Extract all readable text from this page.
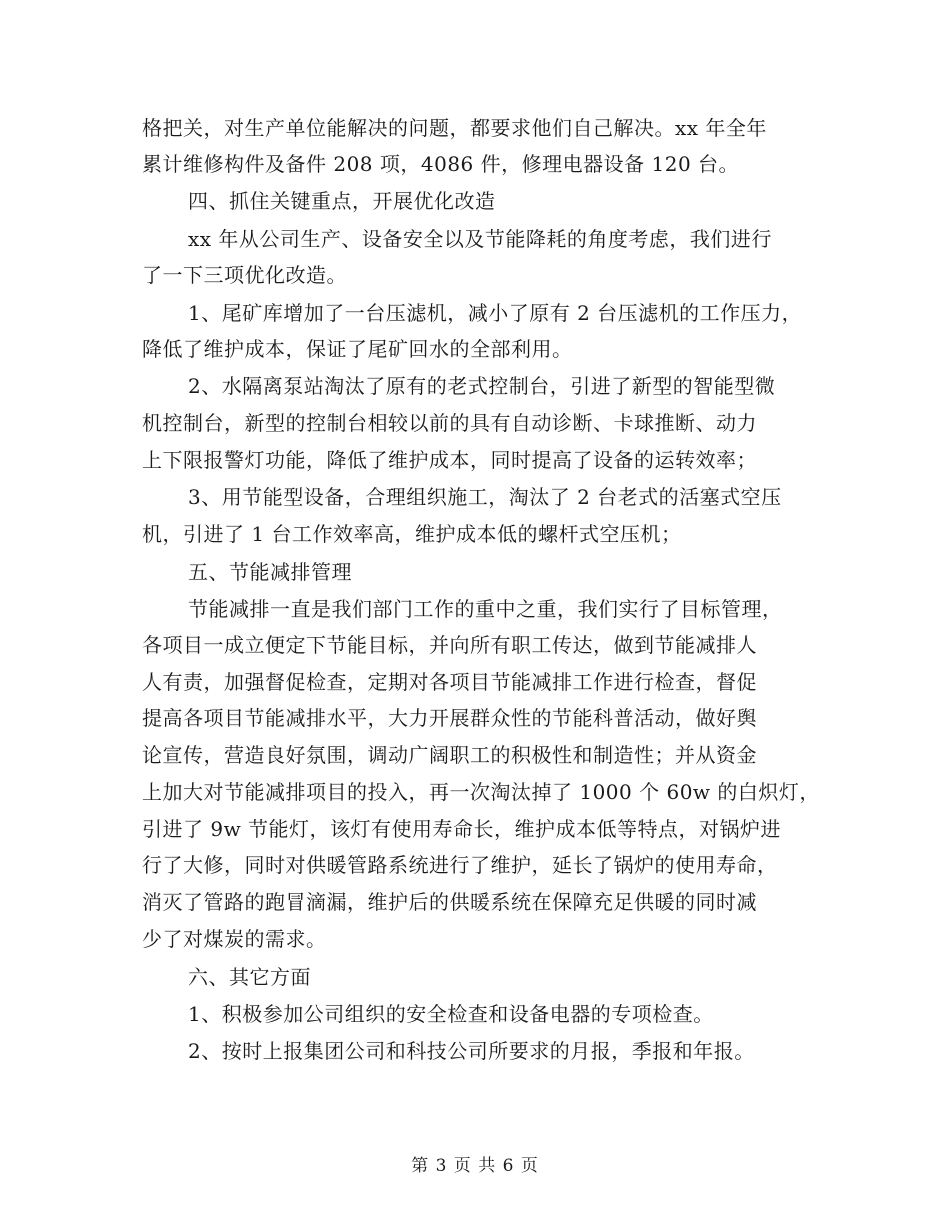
格把关，对生产单位能解决的问题，都要求他们自己解决。xx 年全年
累计维修构件及备件 208 项，4086 件，修理电器设备 120 台。
四、抓住关键重点，开展优化改造
xx 年从公司生产、设备安全以及节能降耗的角度考虑，我们进行
了一下三项优化改造。
1、尾矿库增加了一台压滤机，减小了原有 2 台压滤机的工作压力，
降低了维护成本，保证了尾矿回水的全部利用。
2、水隔离泵站淘汰了原有的老式控制台，引进了新型的智能型微
机控制台，新型的控制台相较以前的具有自动诊断、卡球推断、动力
上下限报警灯功能，降低了维护成本，同时提高了设备的运转效率；
3、用节能型设备，合理组织施工，淘汰了 2 台老式的活塞式空压
机，引进了 1 台工作效率高，维护成本低的螺杆式空压机；
五、节能减排管理
节能减排一直是我们部门工作的重中之重，我们实行了目标管理，
各项目一成立便定下节能目标，并向所有职工传达，做到节能减排人
人有责，加强督促检查，定期对各项目节能减排工作进行检查，督促
提高各项目节能减排水平，大力开展群众性的节能科普活动，做好舆
论宣传，营造良好氛围，调动广阔职工的积极性和制造性；并从资金
上加大对节能减排项目的投入，再一次淘汰掉了 1000 个 60w 的白炽灯，
引进了 9w 节能灯，该灯有使用寿命长，维护成本低等特点，对锅炉进
行了大修，同时对供暖管路系统进行了维护，延长了锅炉的使用寿命，
消灭了管路的跑冒滴漏，维护后的供暖系统在保障充足供暖的同时减
少了对煤炭的需求。
六、其它方面
1、积极参加公司组织的安全检查和设备电器的专项检查。
2、按时上报集团公司和科技公司所要求的月报，季报和年报。
第 3 页 共 6 页
